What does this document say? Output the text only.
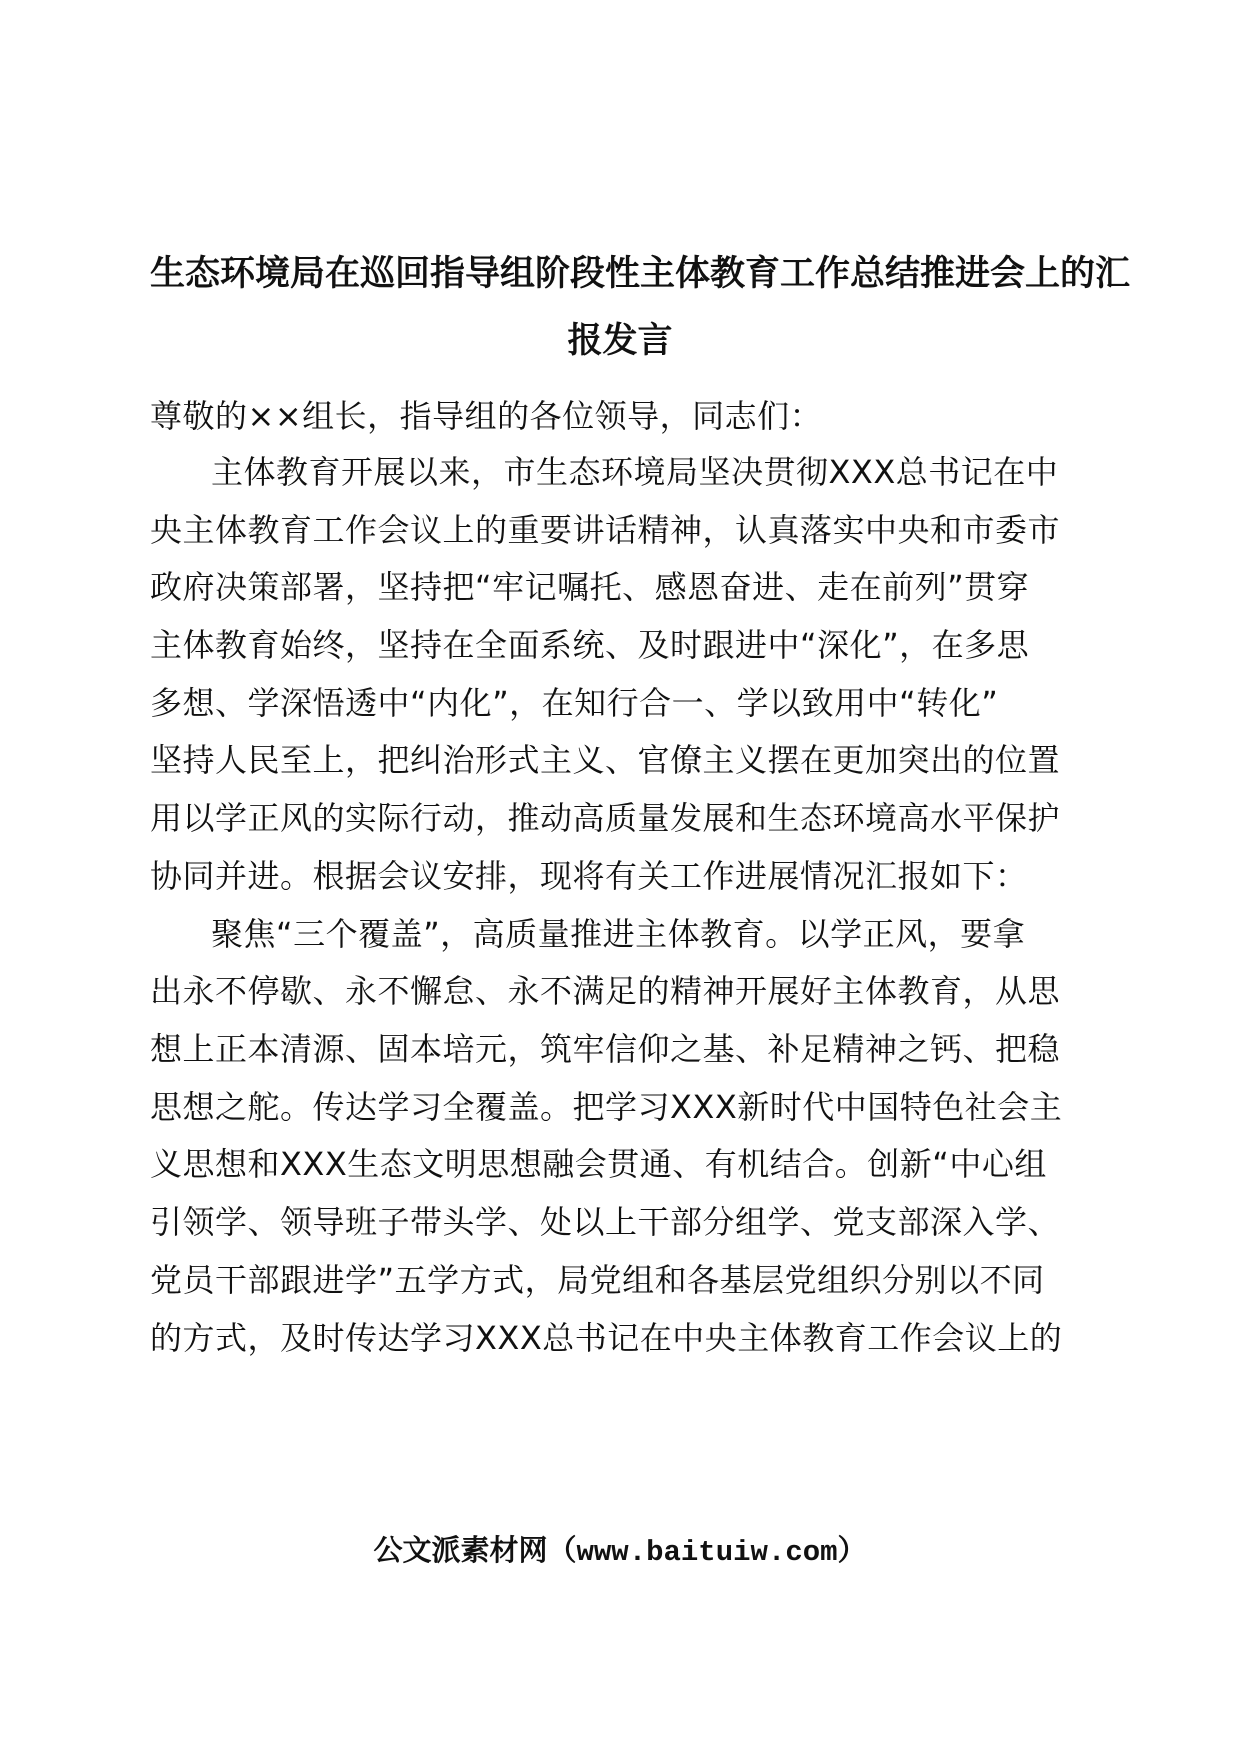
生态环境局在巡回指导组阶段性主体教育工作总结推进会上的汇
报发言
尊敬的××组长，指导组的各位领导，同志们：
主体教育开展以来，市生态环境局坚决贯彻XXX总书记在中
央主体教育工作会议上的重要讲话精神，认真落实中央和市委市
政府决策部署，坚持把“牢记嘱托、感恩奋进、走在前列”贯穿
主体教育始终，坚持在全面系统、及时跟进中“深化”，在多思
多想、学深悟透中“内化”，在知行合一、学以致用中“转化”
坚持人民至上，把纠治形式主义、官僚主义摆在更加突出的位置
用以学正风的实际行动，推动高质量发展和生态环境高水平保护
协同并进。根据会议安排，现将有关工作进展情况汇报如下：
聚焦“三个覆盖”，高质量推进主体教育。以学正风，要拿
出永不停歇、永不懈怠、永不满足的精神开展好主体教育，从思
想上正本清源、固本培元，筑牢信仰之基、补足精神之钙、把稳
思想之舵。传达学习全覆盖。把学习XXX新时代中国特色社会主
义思想和XXX生态文明思想融会贯通、有机结合。创新“中心组
引领学、领导班子带头学、处以上干部分组学、党支部深入学、
党员干部跟进学”五学方式，局党组和各基层党组织分别以不同
的方式，及时传达学习XXX总书记在中央主体教育工作会议上的
公文派素材网（www.baituiw.com）
